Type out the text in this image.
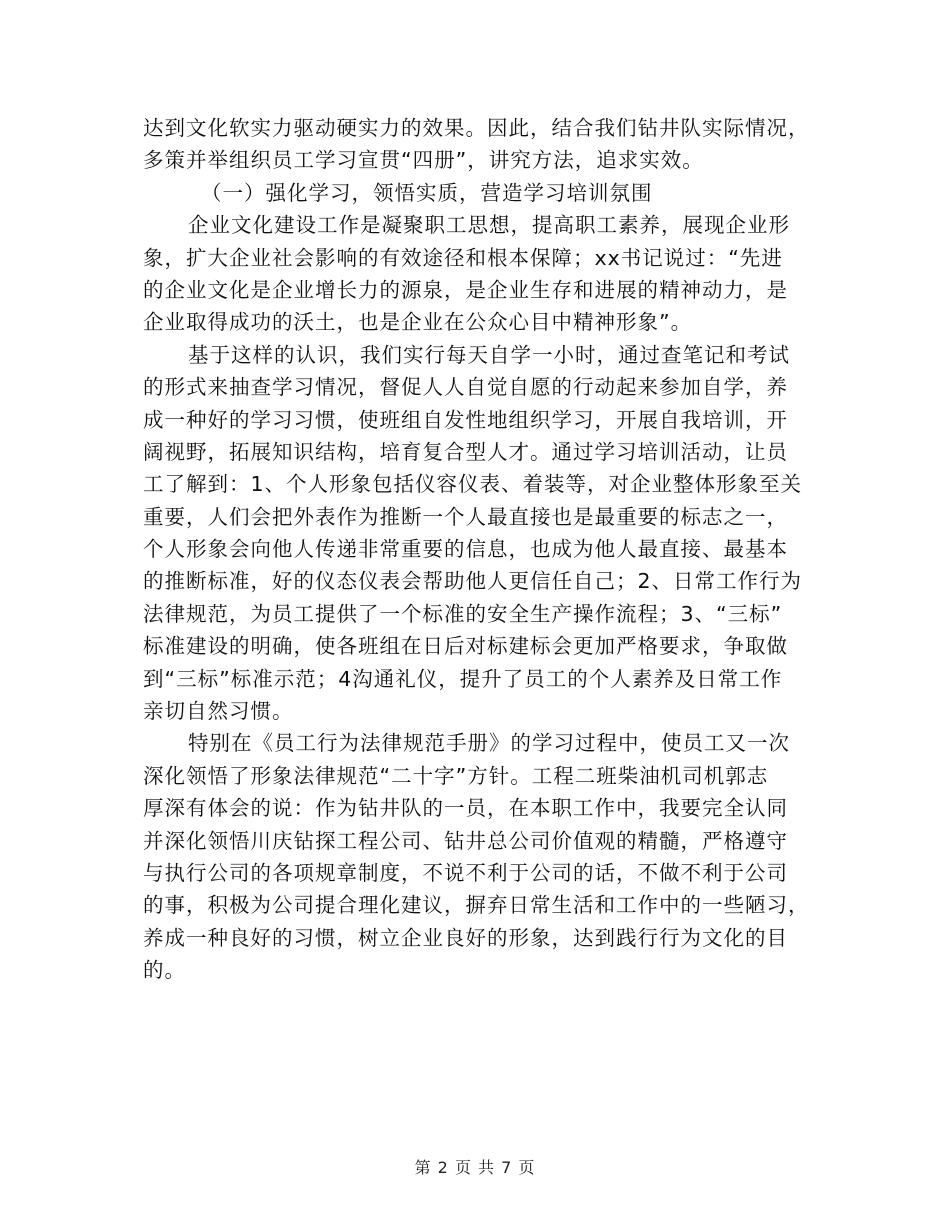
达到文化软实力驱动硬实力的效果。因此，结合我们钻井队实际情况，
多策并举组织员工学习宣贯“四册”，讲究方法，追求实效。
（一）强化学习，领悟实质，营造学习培训氛围
企业文化建设工作是凝聚职工思想，提高职工素养，展现企业形
象，扩大企业社会影响的有效途径和根本保障；xx书记说过：“先进
的企业文化是企业增长力的源泉，是企业生存和进展的精神动力，是
企业取得成功的沃土，也是企业在公众心目中精神形象”。
基于这样的认识，我们实行每天自学一小时，通过查笔记和考试
的形式来抽查学习情况，督促人人自觉自愿的行动起来参加自学，养
成一种好的学习习惯，使班组自发性地组织学习，开展自我培训，开
阔视野，拓展知识结构，培育复合型人才。通过学习培训活动，让员
工了解到：1、个人形象包括仪容仪表、着装等，对企业整体形象至关
重要，人们会把外表作为推断一个人最直接也是最重要的标志之一，
个人形象会向他人传递非常重要的信息，也成为他人最直接、最基本
的推断标准，好的仪态仪表会帮助他人更信任自己；2、日常工作行为
法律规范，为员工提供了一个标准的安全生产操作流程；3、“三标”
标准建设的明确，使各班组在日后对标建标会更加严格要求，争取做
到“三标”标准示范；4沟通礼仪，提升了员工的个人素养及日常工作
亲切自然习惯。
特别在《员工行为法律规范手册》的学习过程中，使员工又一次
深化领悟了形象法律规范“二十字”方针。工程二班柴油机司机郭志
厚深有体会的说：作为钻井队的一员，在本职工作中，我要完全认同
并深化领悟川庆钻探工程公司、钻井总公司价值观的精髓，严格遵守
与执行公司的各项规章制度，不说不利于公司的话，不做不利于公司
的事，积极为公司提合理化建议，摒弃日常生活和工作中的一些陋习，
养成一种良好的习惯，树立企业良好的形象，达到践行行为文化的目
的。
第 2 页 共 7 页
